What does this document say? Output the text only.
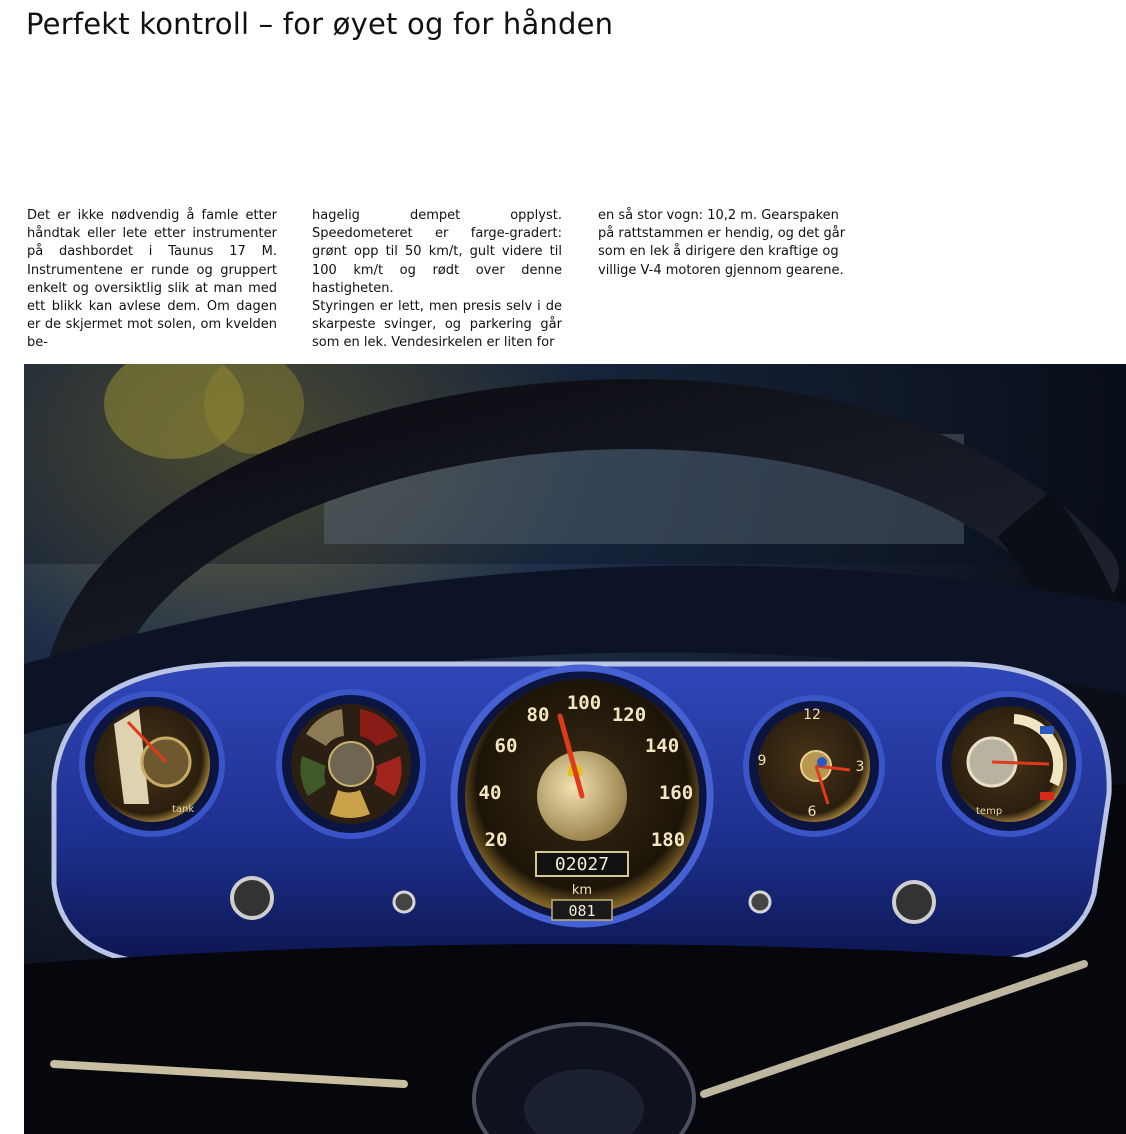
Perfekt kontroll – for øyet og for hånden

Det er ikke nødvendig å famle etter håndtak eller lete etter instrumenter på dashbordet i Taunus 17 M. Instrumentene er runde og gruppert enkelt og oversiktlig slik at man med ett blikk kan avlese dem. Om dagen er de skjermet mot solen, om kvelden be-

hagelig dempet opplyst. Speedometeret er farge-gradert: grønt opp til 50 km/t, gult videre til 100 km/t og rødt over denne hastigheten.

Styringen er lett, men presis selv i de skarpeste svinger, og parkering går som en lek. Vendesirkelen er liten for

en så stor vogn: 10,2 m. Gearspaken på rattstammen er hendig, og det går som en lek å dirigere den kraftige og villige V-4 motoren gjennom gearene.

tank
20
40
60
80
100
120
140
160
180
02027
km
081
12
3
6
9
temp
